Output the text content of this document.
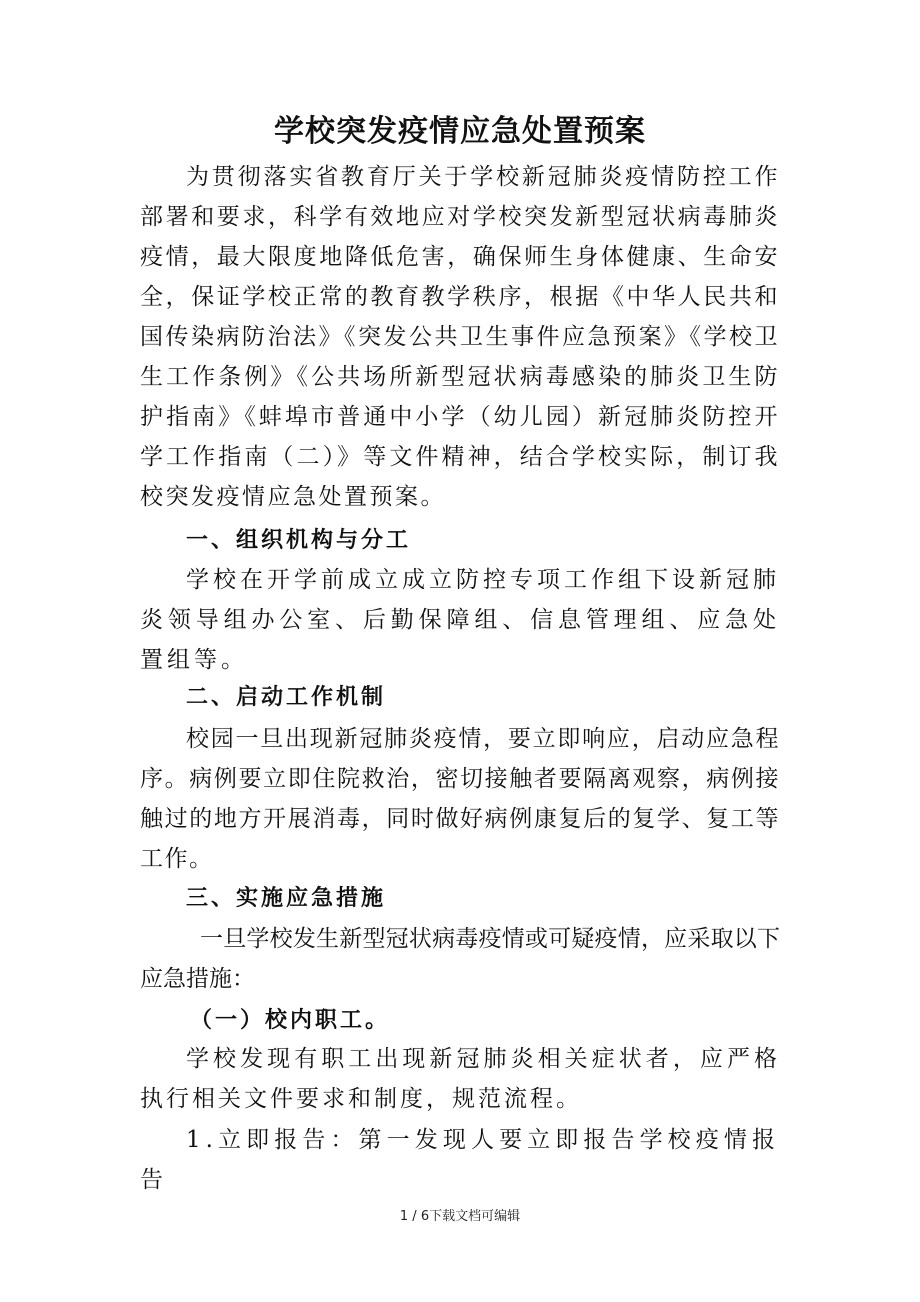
学校突发疫情应急处置预案

为贯彻落实省教育厅关于学校新冠肺炎疫情防控工作部署和要求，科学有效地应对学校突发新型冠状病毒肺炎疫情，最大限度地降低危害，确保师生身体健康、生命安全，保证学校正常的教育教学秩序，根据《中华人民共和国传染病防治法》《突发公共卫生事件应急预案》《学校卫生工作条例》《公共场所新型冠状病毒感染的肺炎卫生防护指南》《蚌埠市普通中小学（幼儿园）新冠肺炎防控开学工作指南（二）》等文件精神，结合学校实际，制订我校突发疫情应急处置预案。

一、组织机构与分工

学校在开学前成立成立防控专项工作组下设新冠肺炎领导组办公室、后勤保障组、信息管理组、应急处置组等。

二、启动工作机制

校园一旦出现新冠肺炎疫情，要立即响应，启动应急程序。病例要立即住院救治，密切接触者要隔离观察，病例接触过的地方开展消毒，同时做好病例康复后的复学、复工等工作。

三、实施应急措施

一旦学校发生新型冠状病毒疫情或可疑疫情，应采取以下应急措施：

（一）校内职工。

学校发现有职工出现新冠肺炎相关症状者，应严格执行相关文件要求和制度，规范流程。

1.立即报告：第一发现人要立即报告学校疫情报告

1 / 6下载文档可编辑
